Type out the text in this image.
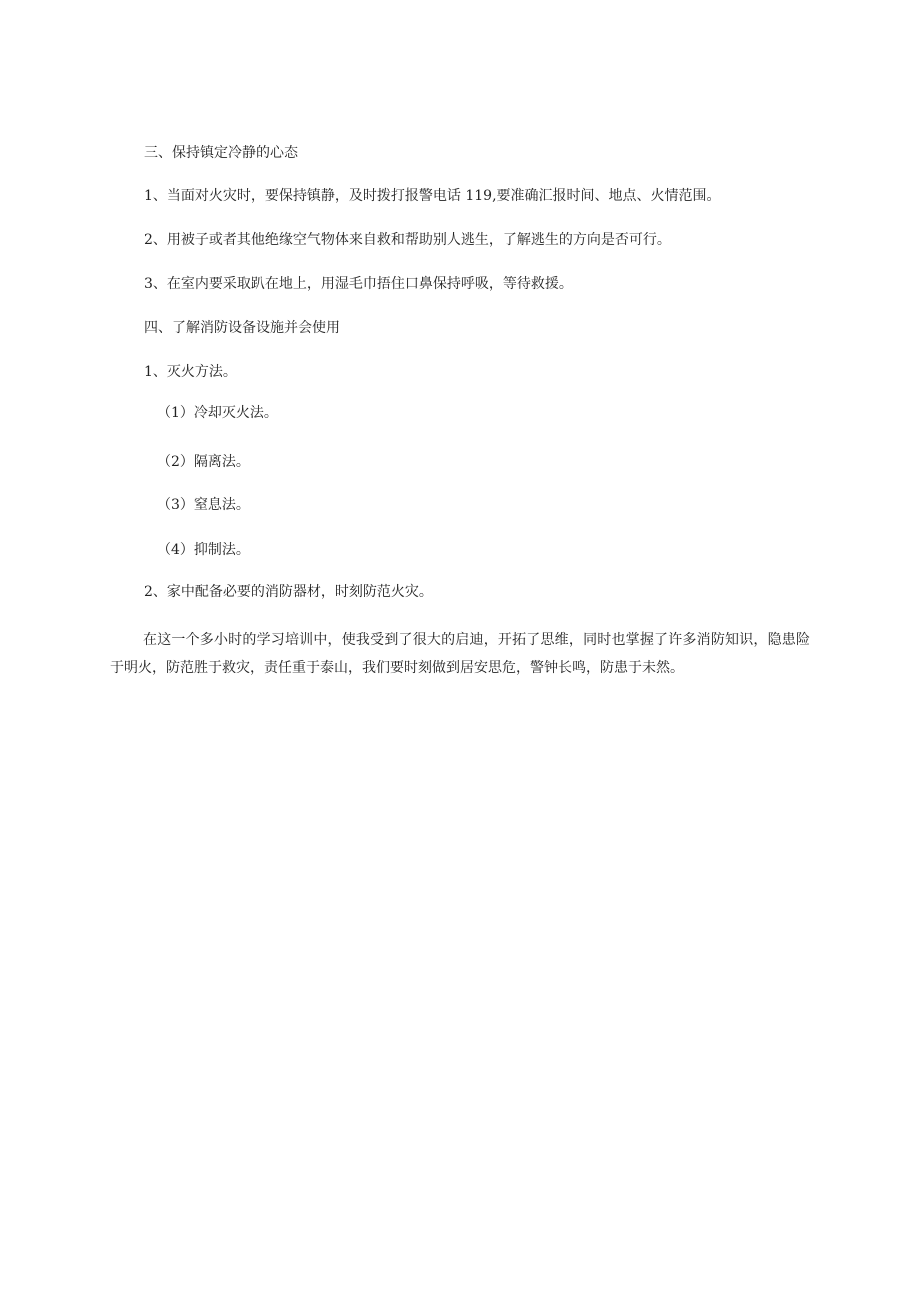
三、保持镇定冷静的心态
1、当面对火灾时，要保持镇静，及时拨打报警电话 119,要准确汇报时间、地点、火情范围。
2、用被子或者其他绝缘空气物体来自救和帮助别人逃生，了解逃生的方向是否可行。
3、在室内要采取趴在地上，用湿毛巾捂住口鼻保持呼吸，等待救援。
四、了解消防设备设施并会使用
1、灭火方法。
（1）冷却灭火法。
（2）隔离法。
（3）窒息法。
（4）抑制法。
2、家中配备必要的消防器材，时刻防范火灾。

在这一个多小时的学习培训中，使我受到了很大的启迪，开拓了思维，同时也掌握了许多消防知识，隐患险于明火，防范胜于救灾，责任重于泰山，我们要时刻做到居安思危，警钟长鸣，防患于未然。
